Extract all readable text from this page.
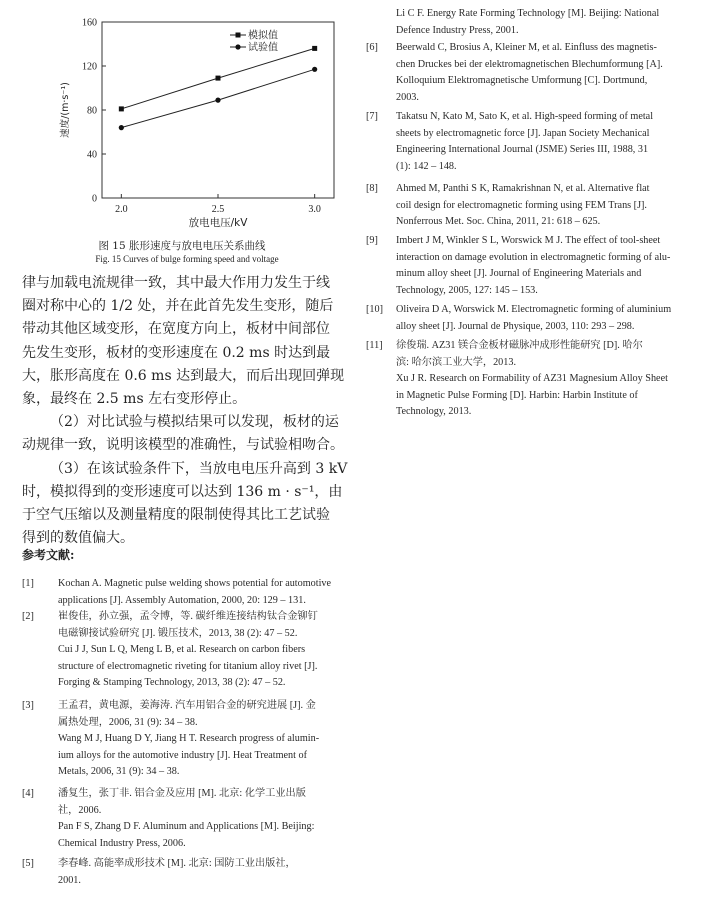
0
40
80
120
160
2.0	2.5	3.0
放电电压/kV
速度/(m·s⁻¹)
模拟值
试验值
图 15 胀形速度与放电电压关系曲线
Fig. 15 Curves of bulge forming speed and voltage

律与加载电流规律一致，其中最大作用力发生于线
圈对称中心的 1/2 处，并在此首先发生变形，随后
带动其他区域变形，在宽度方向上，板材中间部位
先发生变形，板材的变形速度在 0.2 ms 时达到最
大，胀形高度在 0.6 ms 达到最大，而后出现回弹现
象，最终在 2.5 ms 左右变形停止。

（2）对比试验与模拟结果可以发现，板材的运
动规律一致，说明该模型的准确性，与试验相吻合。

（3）在该试验条件下，当放电电压升高到 3 kV
时，模拟得到的变形速度可以达到 136 m · s⁻¹，由
于空气压缩以及测量精度的限制使得其比工艺试验
得到的数值偏大。

参考文献:
[1] Kochan A. Magnetic pulse welding shows potential for automotive
applications [J]. Assembly Automation, 2000, 20: 129 – 131.
[2] 崔俊佳，孙立强，孟令博，等. 碳纤维连接结构钛合金铆钉
电磁铆接试验研究 [J]. 锻压技术，2013, 38 (2): 47 – 52.
Cui J J, Sun L Q, Meng L B, et al. Research on carbon fibers
structure of electromagnetic riveting for titanium alloy rivet [J].
Forging & Stamping Technology, 2013, 38 (2): 47 – 52.
[3] 王孟君，黄电源，姜海涛. 汽车用铝合金的研究进展 [J]. 金
属热处理，2006, 31 (9): 34 – 38.
Wang M J, Huang D Y, Jiang H T. Research progress of alumin-
ium alloys for the automotive industry [J]. Heat Treatment of
Metals, 2006, 31 (9): 34 – 38.
[4] 潘复生，张丁非. 铝合金及应用 [M]. 北京: 化学工业出版
社，2006.
Pan F S, Zhang D F. Aluminum and Applications [M]. Beijing:
Chemical Industry Press, 2006.
[5] 李春峰. 高能率成形技术 [M]. 北京: 国防工业出版社，
2001.
Li C F. Energy Rate Forming Technology [M]. Beijing: National
Defence Industry Press, 2001.
[6] Beerwald C, Brosius A, Kleiner M, et al. Einfluss des magnetis-
chen Druckes bei der elektromagnetischen Blechumformung [A].
Kolloquium Elektromagnetische Umformung [C]. Dortmund,
2003.
[7] Takatsu N, Kato M, Sato K, et al. High-speed forming of metal
sheets by electromagnetic force [J]. Japan Society Mechanical
Engineering International Journal (JSME) Series III, 1988, 31
(1): 142 – 148.
[8] Ahmed M, Panthi S K, Ramakrishnan N, et al. Alternative flat
coil design for electromagnetic forming using FEM Trans [J].
Nonferrous Met. Soc. China, 2011, 21: 618 – 625.
[9] Imbert J M, Winkler S L, Worswick M J. The effect of tool-sheet
interaction on damage evolution in electromagnetic forming of alu-
minum alloy sheet [J]. Journal of Engineering Materials and
Technology, 2005, 127: 145 – 153.
[10] Oliveira D A, Worswick M. Electromagnetic forming of aluminium
alloy sheet [J]. Journal de Physique, 2003, 110: 293 – 298.
[11] 徐俊瑞. AZ31 镁合金板材磁脉冲成形性能研究 [D]. 哈尔
滨: 哈尔滨工业大学，2013.
Xu J R. Research on Formability of AZ31 Magnesium Alloy Sheet
in Magnetic Pulse Forming [D]. Harbin: Harbin Institute of
Technology, 2013.
